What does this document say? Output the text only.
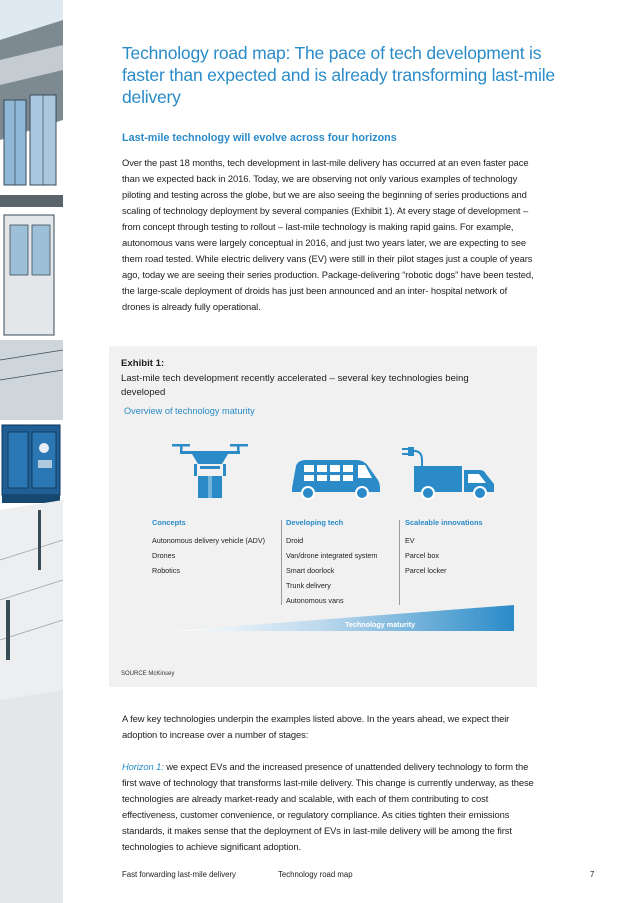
Technology road map: The pace of tech development is faster than expected and is already transforming last-mile delivery
Last-mile technology will evolve across four horizons
Over the past 18 months, tech development in last-mile delivery has occurred at an even faster pace than we expected back in 2016. Today, we are observing not only various examples of technology piloting and testing across the globe, but we are also seeing the beginning of series productions and scaling of technology deployment by several companies (Exhibit 1). At every stage of development – from concept through testing to rollout – last-mile technology is making rapid gains. For example, autonomous vans were largely conceptual in 2016, and just two years later, we are expecting to see them road tested. While electric delivery vans (EV) were still in their pilot stages just a couple of years ago, today we are seeing their series production. Package-delivering “robotic dogs” have been tested, the large-scale deployment of droids has just been announced and an inter- hospital network of drones is already fully operational.
Exhibit 1:
Last-mile tech development recently accelerated – several key technologies being developed
Overview of technology maturity
Concepts
Autonomous delivery vehicle (ADV)
Drones
Robotics
Developing tech
Droid
Van/drone integrated system
Smart doorlock
Trunk delivery
Autonomous vans
Scaleable innovations
EV
Parcel box
Parcel locker
Technology maturity
SOURCE McKinsey
A few key technologies underpin the examples listed above. In the years ahead, we expect their adoption to increase over a number of stages:
Horizon 1: we expect EVs and the increased presence of unattended delivery technology to form the first wave of technology that transforms last-mile delivery. This change is currently underway, as these technologies are already market-ready and scalable, with each of them contributing to cost effectiveness, customer convenience, or regulatory compliance. As cities tighten their emissions standards, it makes sense that the deployment of EVs in last-mile delivery will be among the first technologies to achieve significant adoption.
Fast forwarding last-mile delivery	Technology road map	7
